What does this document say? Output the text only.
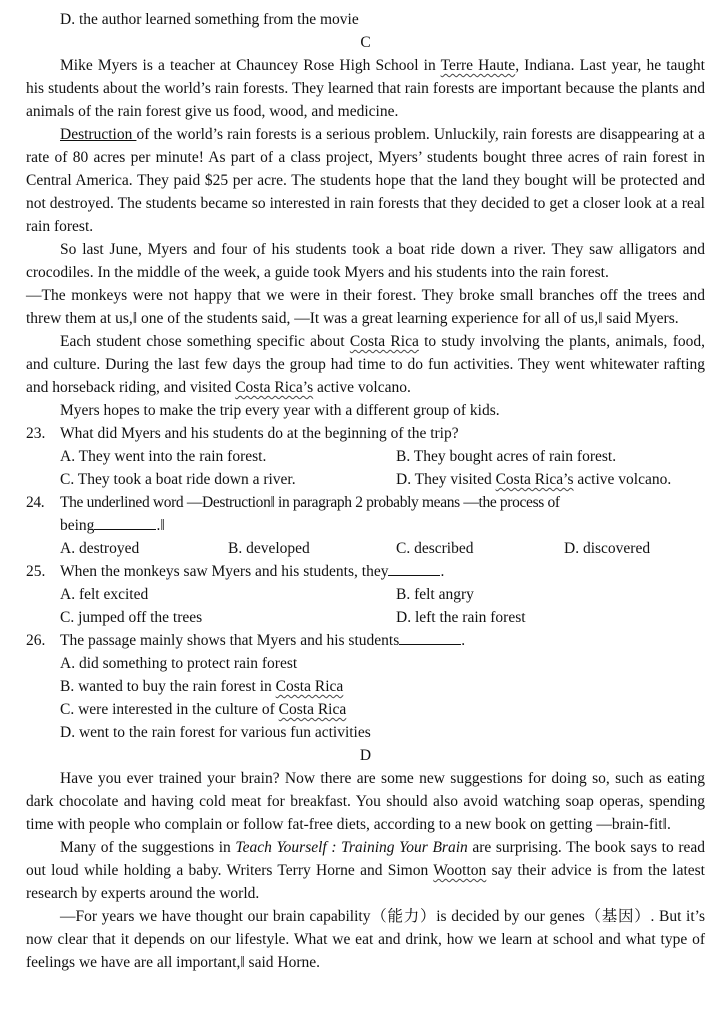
D. the author learned something from the movie
C

Mike Myers is a teacher at Chauncey Rose High School in Terre Haute, Indiana. Last year, he taught his students about the world’s rain forests. They learned that rain forests are important because the plants and animals of the rain forest give us food, wood, and medicine.

Destruction of the world’s rain forests is a serious problem. Unluckily, rain forests are disappearing at a rate of 80 acres per minute! As part of a class project, Myers’ students bought three acres of rain forest in Central America. They paid $25 per acre. The students hope that the land they bought will be protected and not destroyed. The students became so interested in rain forests that they decided to get a closer look at a real rain forest.

So last June, Myers and four of his students took a boat ride down a river. They saw alligators and crocodiles. In the middle of the week, a guide took Myers and his students into the rain forest.

―The monkeys were not happy that we were in their forest. They broke small branches off the trees and threw them at us,‖ one of the students said, ―It was a great learning experience for all of us,‖ said Myers.

Each student chose something specific about Costa Rica to study involving the plants, animals, food, and culture. During the last few days the group had time to do fun activities. They went whitewater rafting and horseback riding, and visited Costa Rica’s active volcano.

Myers hopes to make the trip every year with a different group of kids.

23. What did Myers and his students do at the beginning of the trip?
A. They went into the rain forest.	B. They bought acres of rain forest.
C. They took a boat ride down a river.	D. They visited Costa Rica’s active volcano.
24.	The underlined word ―Destruction‖ in paragraph 2 probably means ―the process of
being	.‖
A. destroyed	B. developed	C. described	D. discovered
25. When the monkeys saw Myers and his students, they	.
A. felt excited	B. felt angry
C. jumped off the trees	D. left the rain forest
26. The passage mainly shows that Myers and his students	.
A. did something to protect rain forest
B. wanted to buy the rain forest in Costa Rica
C. were interested in the culture of Costa Rica
D. went to the rain forest for various fun activities
D

Have you ever trained your brain? Now there are some new suggestions for doing so, such as eating dark chocolate and having cold meat for breakfast. You should also avoid watching soap operas, spending time with people who complain or follow fat-free diets, according to a new book on getting ―brain-fit‖.

Many of the suggestions in Teach Yourself : Training Your Brain are surprising. The book says to read out loud while holding a baby. Writers Terry Horne and Simon Wootton say their advice is from the latest research by experts around the world.

―For years we have thought our brain capability（能力）is decided by our genes（基因）. But it’s now clear that it depends on our lifestyle. What we eat and drink, how we learn at school and what type of feelings we have are all important,‖ said Horne.
